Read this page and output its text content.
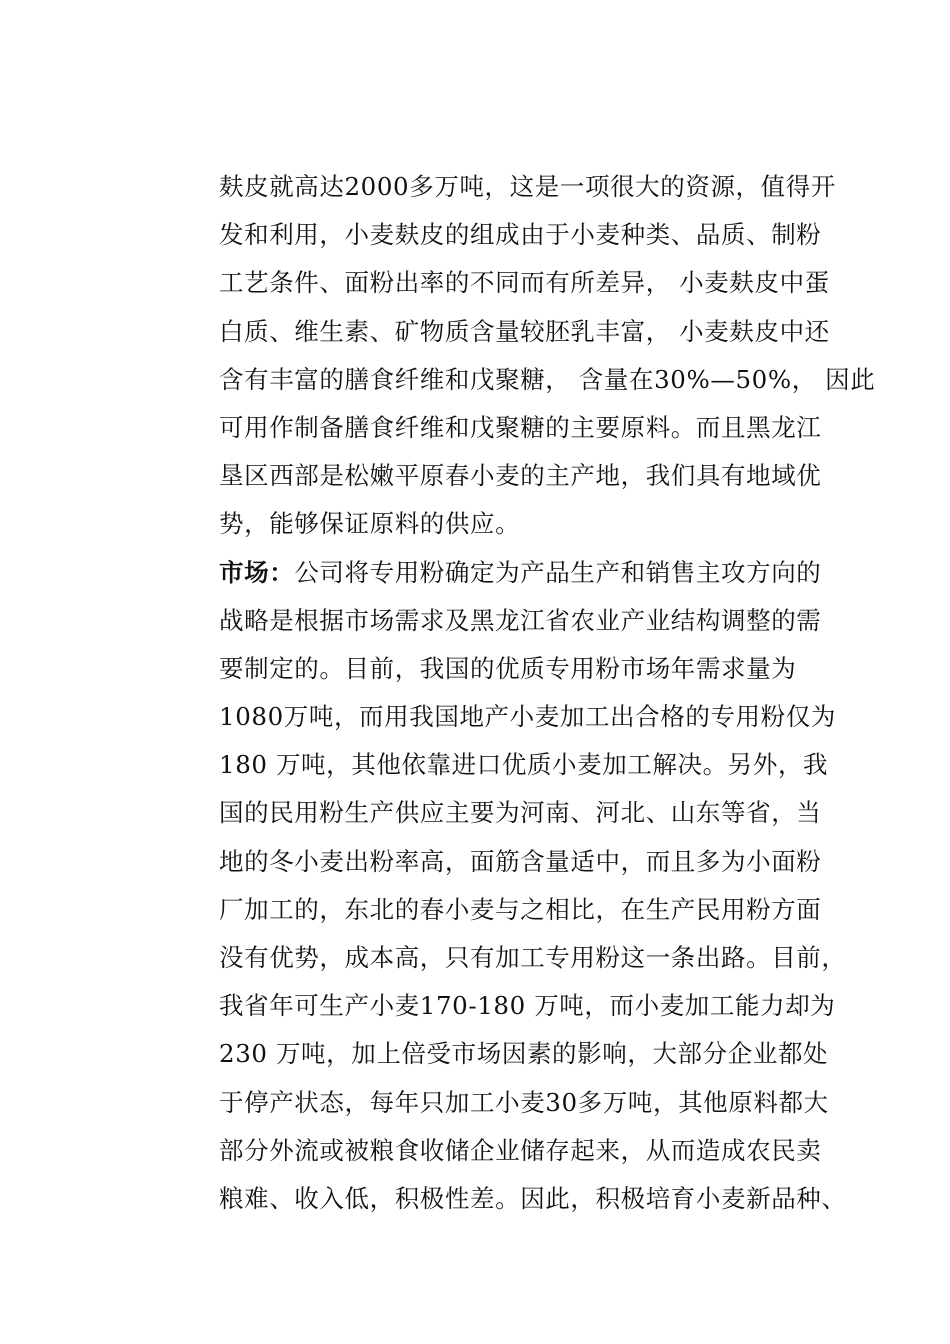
麸皮就高达2000多万吨，这是一项很大的资源，值得开
发和利用，小麦麸皮的组成由于小麦种类、品质、制粉
工艺条件、面粉出率的不同而有所差异， 小麦麸皮中蛋
白质、维生素、矿物质含量较胚乳丰富， 小麦麸皮中还
含有丰富的膳食纤维和戊聚糖， 含量在30%—50%， 因此
可用作制备膳食纤维和戊聚糖的主要原料。而且黑龙江
垦区西部是松嫩平原春小麦的主产地，我们具有地域优
势，能够保证原料的供应。
市场：公司将专用粉确定为产品生产和销售主攻方向的
战略是根据市场需求及黑龙江省农业产业结构调整的需
要制定的。目前，我国的优质专用粉市场年需求量为
1080万吨，而用我国地产小麦加工出合格的专用粉仅为
180 万吨，其他依靠进口优质小麦加工解决。另外，我
国的民用粉生产供应主要为河南、河北、山东等省，当
地的冬小麦出粉率高，面筋含量适中，而且多为小面粉
厂加工的，东北的春小麦与之相比，在生产民用粉方面
没有优势，成本高，只有加工专用粉这一条出路。目前，
我省年可生产小麦170-180 万吨，而小麦加工能力却为
230 万吨，加上倍受市场因素的影响，大部分企业都处
于停产状态，每年只加工小麦30多万吨，其他原料都大
部分外流或被粮食收储企业储存起来，从而造成农民卖
粮难、收入低，积极性差。因此，积极培育小麦新品种、
